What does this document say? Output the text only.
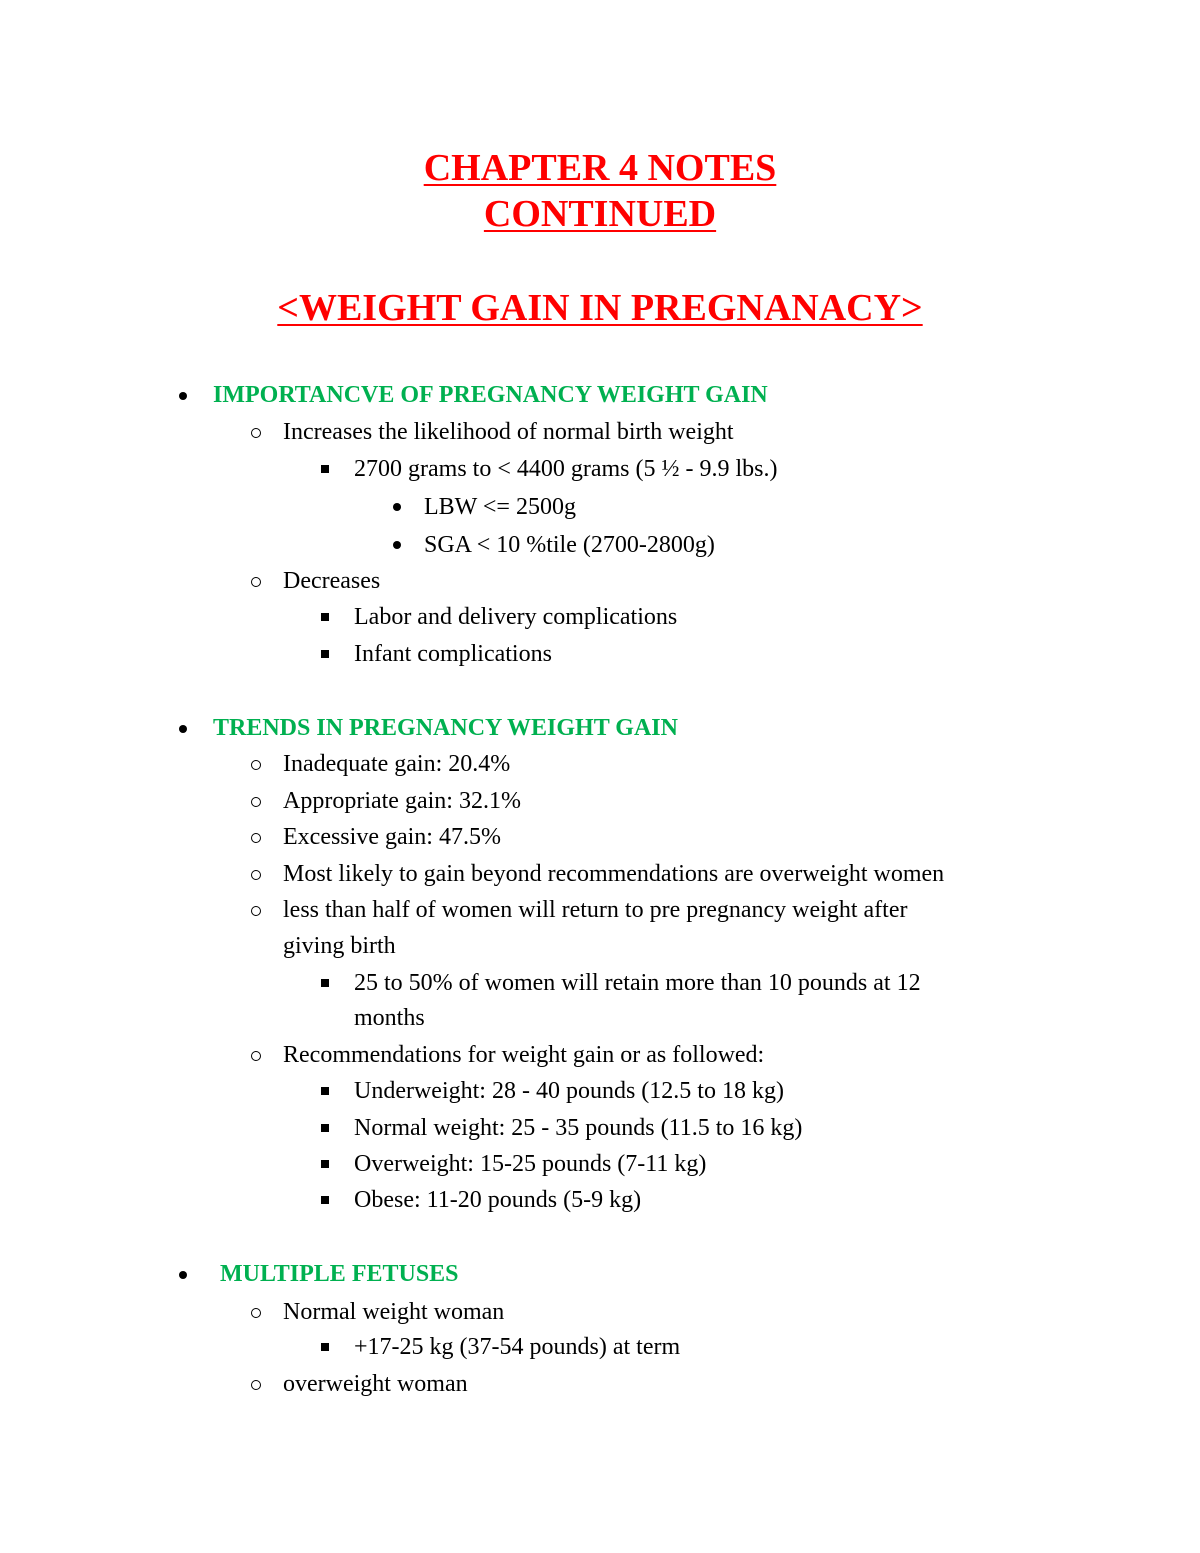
CHAPTER 4 NOTES
CONTINUED
<WEIGHT GAIN IN PREGNANACY>
IMPORTANCVE OF PREGNANCY WEIGHT GAIN
Increases the likelihood of normal birth weight
2700 grams to < 4400 grams (5 ½ - 9.9 lbs.)
LBW <= 2500g
SGA < 10 %tile (2700-2800g)
Decreases
Labor and delivery complications
Infant complications
TRENDS IN PREGNANCY WEIGHT GAIN
Inadequate gain: 20.4%
Appropriate gain: 32.1%
Excessive gain: 47.5%
Most likely to gain beyond recommendations are overweight women
less than half of women will return to pre pregnancy weight after
giving birth
25 to 50% of women will retain more than 10 pounds at 12
months
Recommendations for weight gain or as followed:
Underweight: 28 - 40 pounds (12.5 to 18 kg)
Normal weight: 25 - 35 pounds (11.5 to 16 kg)
Overweight: 15-25 pounds (7-11 kg)
Obese: 11-20 pounds (5-9 kg)
MULTIPLE FETUSES
Normal weight woman
+17-25 kg (37-54 pounds) at term
overweight woman
